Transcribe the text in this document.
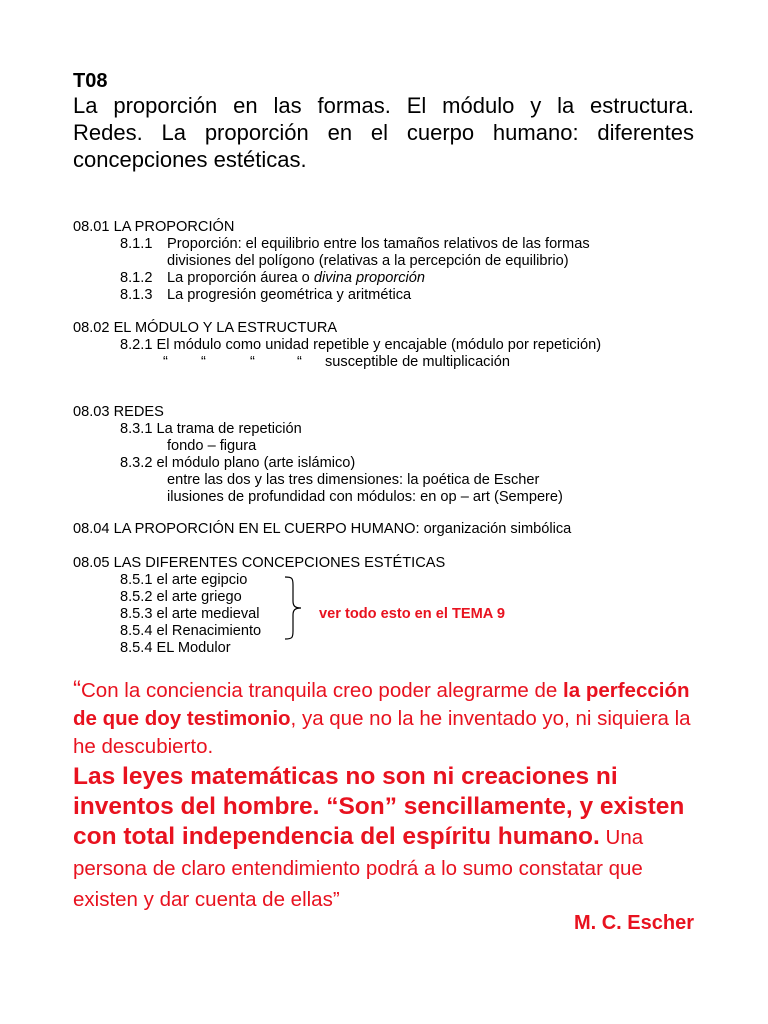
T08
La proporción en las formas. El módulo y la estructura.
Redes. La proporción en el cuerpo humano: diferentes
concepciones estéticas.
08.01 LA PROPORCIÓN
8.1.1 Proporción: el equilibrio entre los tamaños relativos de las formas
divisiones del polígono (relativas a la percepción de equilibrio)
8.1.2 La proporción áurea o divina proporción
8.1.3 La progresión geométrica y aritmética
08.02 EL MÓDULO Y LA ESTRUCTURA
8.2.1 El módulo como unidad repetible y encajable (módulo por repetición)
“ “	“	“ susceptible de multiplicación
08.03 REDES
8.3.1 La trama de repetición
fondo – figura
8.3.2 el módulo plano (arte islámico)
entre las dos y las tres dimensiones: la poética de Escher
ilusiones de profundidad con módulos: en op – art (Sempere)
08.04 LA PROPORCIÓN EN EL CUERPO HUMANO: organización simbólica
08.05 LAS DIFERENTES CONCEPCIONES ESTÉTICAS
8.5.1 el arte egipcio
8.5.2 el arte griego
8.5.3 el arte medieval
8.5.4 el Renacimiento
8.5.4 EL Modulor
ver todo esto en el TEMA 9
“Con la conciencia tranquila creo poder alegrarme de la perfección de que doy testimonio, ya que no la he inventado yo, ni siquiera la he descubierto.
Las leyes matemáticas no son ni creaciones ni inventos del hombre. “Son” sencillamente, y existen con total independencia del espíritu humano. Una persona de claro entendimiento podrá a lo sumo constatar que existen y dar cuenta de ellas”
M. C. Escher
